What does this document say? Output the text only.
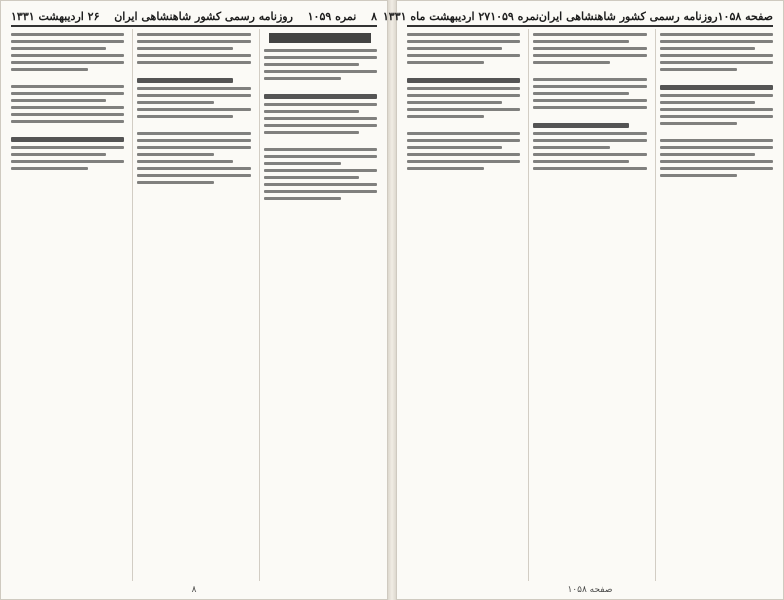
۸
نمره ۱۰۵۹
روزنامه رسمی کشور شاهنشاهی ایران
۲۶ اردیبهشت ۱۳۳۱
۸
صفحه ۱۰۵۸
روزنامه رسمی کشور شاهنشاهی ایران
نمره ۱۰۵۹
۲۷ اردیبهشت ماه ۱۳۳۱
صفحه ۱۰۵۸
